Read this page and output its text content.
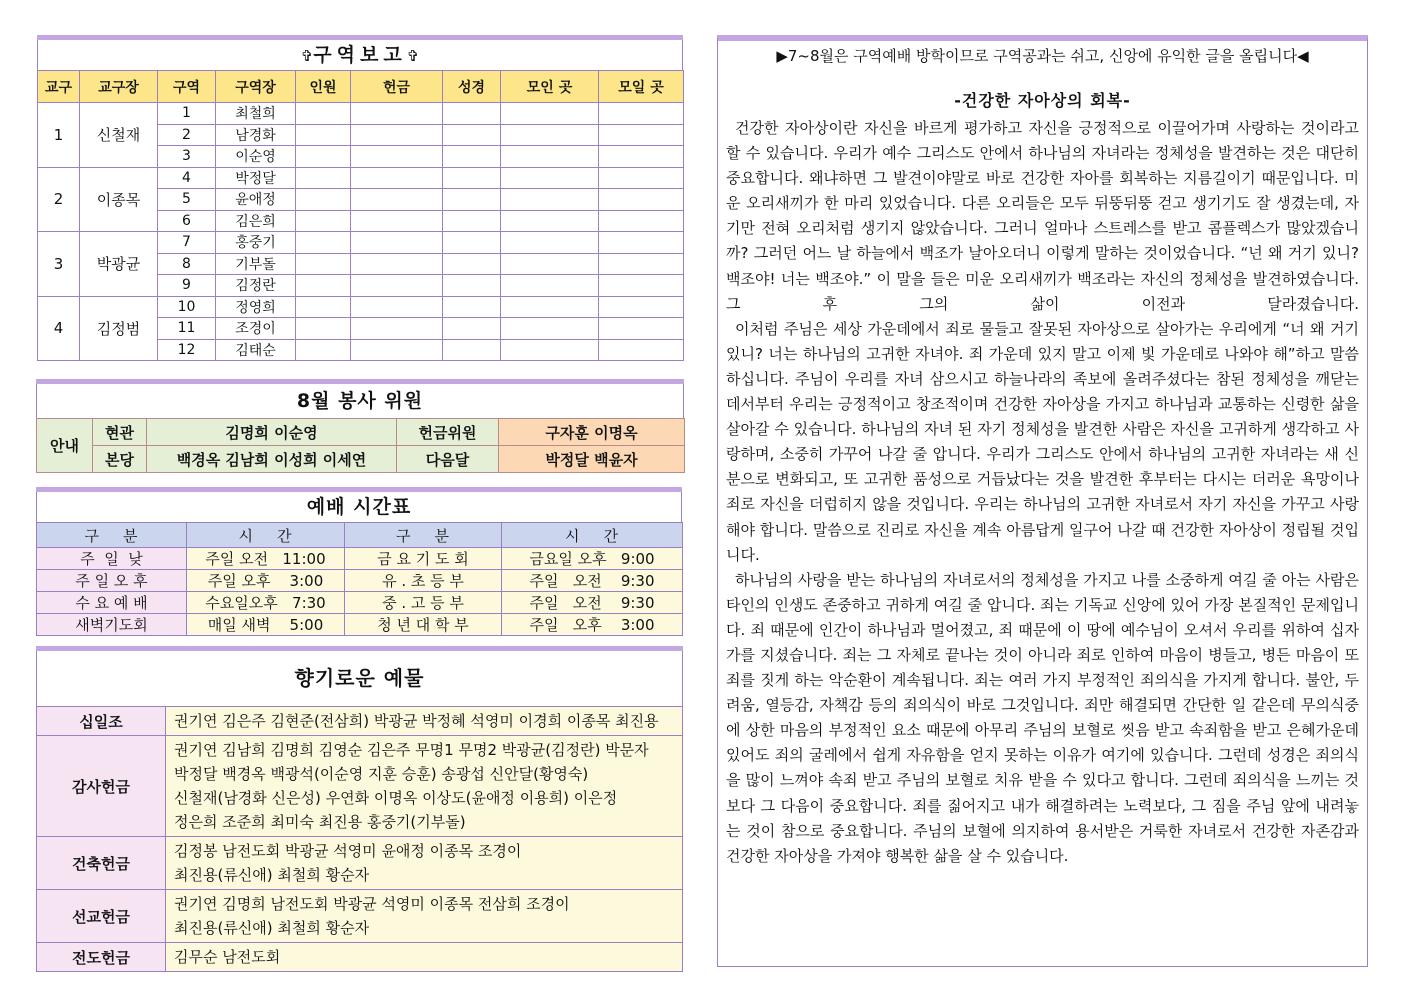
✞구역보고✞
교구	교구장	구역	구역장	인원	헌금	성경	모인 곳	모일 곳
1	신철재	1	최철희					
		2	남경화					
		3	이순영					
2	이종목	4	박정달					
		5	윤애정					
		6	김은희					
3	박광균	7	홍중기					
		8	기부돌					
		9	김정란					
4	김정범	10	정영희					
		11	조경이					
		12	김태순					
8월 봉사 위원
안내	현관	김명희 이순영	헌금위원	구자훈 이명옥
	본당	백경옥 김남희 이성희 이세연	다음달	박정달 백윤자
예배 시간표
구    분	시    간	구    분	시    간
주  일  낮	주일 오전   11:00	금 요 기 도 회	금요일 오후   9:00
주 일 오 후	주일 오후    3:00	유 . 초 등 부	주일   오전    9:30
수 요 예 배	수요일오후   7:30	중 . 고 등 부	주일   오전    9:30
새벽기도회	매일 새벽    5:00	청 년 대 학 부	주일   오후    3:00
향기로운 예물
십일조	권기연 김은주 김현준(전삼희) 박광균 박정혜 석영미 이경희 이종목 최진용

감사헌금	권기연 김남희 김명희 김영순 김은주 무명1 무명2 박광균(김정란) 박문자
박정달 백경옥 백광석(이순영 지훈 승훈) 송광섭 신안달(황영숙)
신철재(남경화 신은성) 우연화 이명옥 이상도(윤애정 이용희) 이은정
정은희 조준희 최미숙 최진용 홍중기(기부돌)

건축헌금	김정봉 남전도회 박광균 석영미 윤애정 이종목 조경이
최진용(류신애) 최철희 황순자

선교헌금	권기연 김명희 남전도회 박광균 석영미 이종목 전삼희 조경이
최진용(류신애) 최철희 황순자

전도헌금	김무순 남전도회
▶7~8월은 구역예배 방학이므로 구역공과는 쉬고, 신앙에 유익한 글을 올립니다◀
-건강한 자아상의 회복-

건강한 자아상이란 자신을 바르게 평가하고 자신을 긍정적으로 이끌어가며 사랑하는 것이라고 할 수 있습니다. 우리가 예수 그리스도 안에서 하나님의 자녀라는 정체성을 발견하는 것은 대단히 중요합니다. 왜냐하면 그 발견이야말로 바로 건강한 자아를 회복하는 지름길이기 때문입니다. 미운 오리새끼가 한 마리 있었습니다. 다른 오리들은 모두 뒤뚱뒤뚱 걷고 생기기도 잘 생겼는데, 자기만 전혀 오리처럼 생기지 않았습니다. 그러니 얼마나 스트레스를 받고 콤플렉스가 많았겠습니까? 그러던 어느 날 하늘에서 백조가 날아오더니 이렇게 말하는 것이었습니다. “넌 왜 거기 있니? 백조야! 너는 백조야.” 이 말을 들은 미운 오리새끼가 백조라는 자신의 정체성을 발견하였습니다. 그 후 그의 삶이 이전과 달라졌습니다.

이처럼 주님은 세상 가운데에서 죄로 물들고 잘못된 자아상으로 살아가는 우리에게 “너 왜 거기 있니? 너는 하나님의 고귀한 자녀야. 죄 가운데 있지 말고 이제 빛 가운데로 나와야 해”하고 말씀하십니다. 주님이 우리를 자녀 삼으시고 하늘나라의 족보에 올려주셨다는 참된 정체성을 깨닫는 데서부터 우리는 긍정적이고 창조적이며 건강한 자아상을 가지고 하나님과 교통하는 신령한 삶을 살아갈 수 있습니다. 하나님의 자녀 된 자기 정체성을 발견한 사람은 자신을 고귀하게 생각하고 사랑하며, 소중히 가꾸어 나갈 줄 압니다. 우리가 그리스도 안에서 하나님의 고귀한 자녀라는 새 신분으로 변화되고, 또 고귀한 품성으로 거듭났다는 것을 발견한 후부터는 다시는 더러운 욕망이나 죄로 자신을 더럽히지 않을 것입니다. 우리는 하나님의 고귀한 자녀로서 자기 자신을 가꾸고 사랑해야 합니다. 말씀으로 진리로 자신을 계속 아름답게 일구어 나갈 때 건강한 자아상이 정립될 것입니다.

하나님의 사랑을 받는 하나님의 자녀로서의 정체성을 가지고 나를 소중하게 여길 줄 아는 사람은 타인의 인생도 존중하고 귀하게 여길 줄 압니다. 죄는 기독교 신앙에 있어 가장 본질적인 문제입니다. 죄 때문에 인간이 하나님과 멀어졌고, 죄 때문에 이 땅에 예수님이 오셔서 우리를 위하여 십자가를 지셨습니다. 죄는 그 자체로 끝나는 것이 아니라 죄로 인하여 마음이 병들고, 병든 마음이 또 죄를 짓게 하는 악순환이 계속됩니다. 죄는 여러 가지 부정적인 죄의식을 가지게 합니다. 불안, 두려움, 열등감, 자책감 등의 죄의식이 바로 그것입니다. 죄만 해결되면 간단한 일 같은데 무의식중에 상한 마음의 부정적인 요소 때문에 아무리 주님의 보혈로 씻음 받고 속죄함을 받고 은혜가운데 있어도 죄의 굴레에서 쉽게 자유함을 얻지 못하는 이유가 여기에 있습니다. 그런데 성경은 죄의식을 많이 느껴야 속죄 받고 주님의 보혈로 치유 받을 수 있다고 합니다. 그런데 죄의식을 느끼는 것보다 그 다음이 중요합니다. 죄를 짊어지고 내가 해결하려는 노력보다, 그 짐을 주님 앞에 내려놓는 것이 참으로 중요합니다. 주님의 보혈에 의지하여 용서받은 거룩한 자녀로서 건강한 자존감과 건강한 자아상을 가져야 행복한 삶을 살 수 있습니다.
